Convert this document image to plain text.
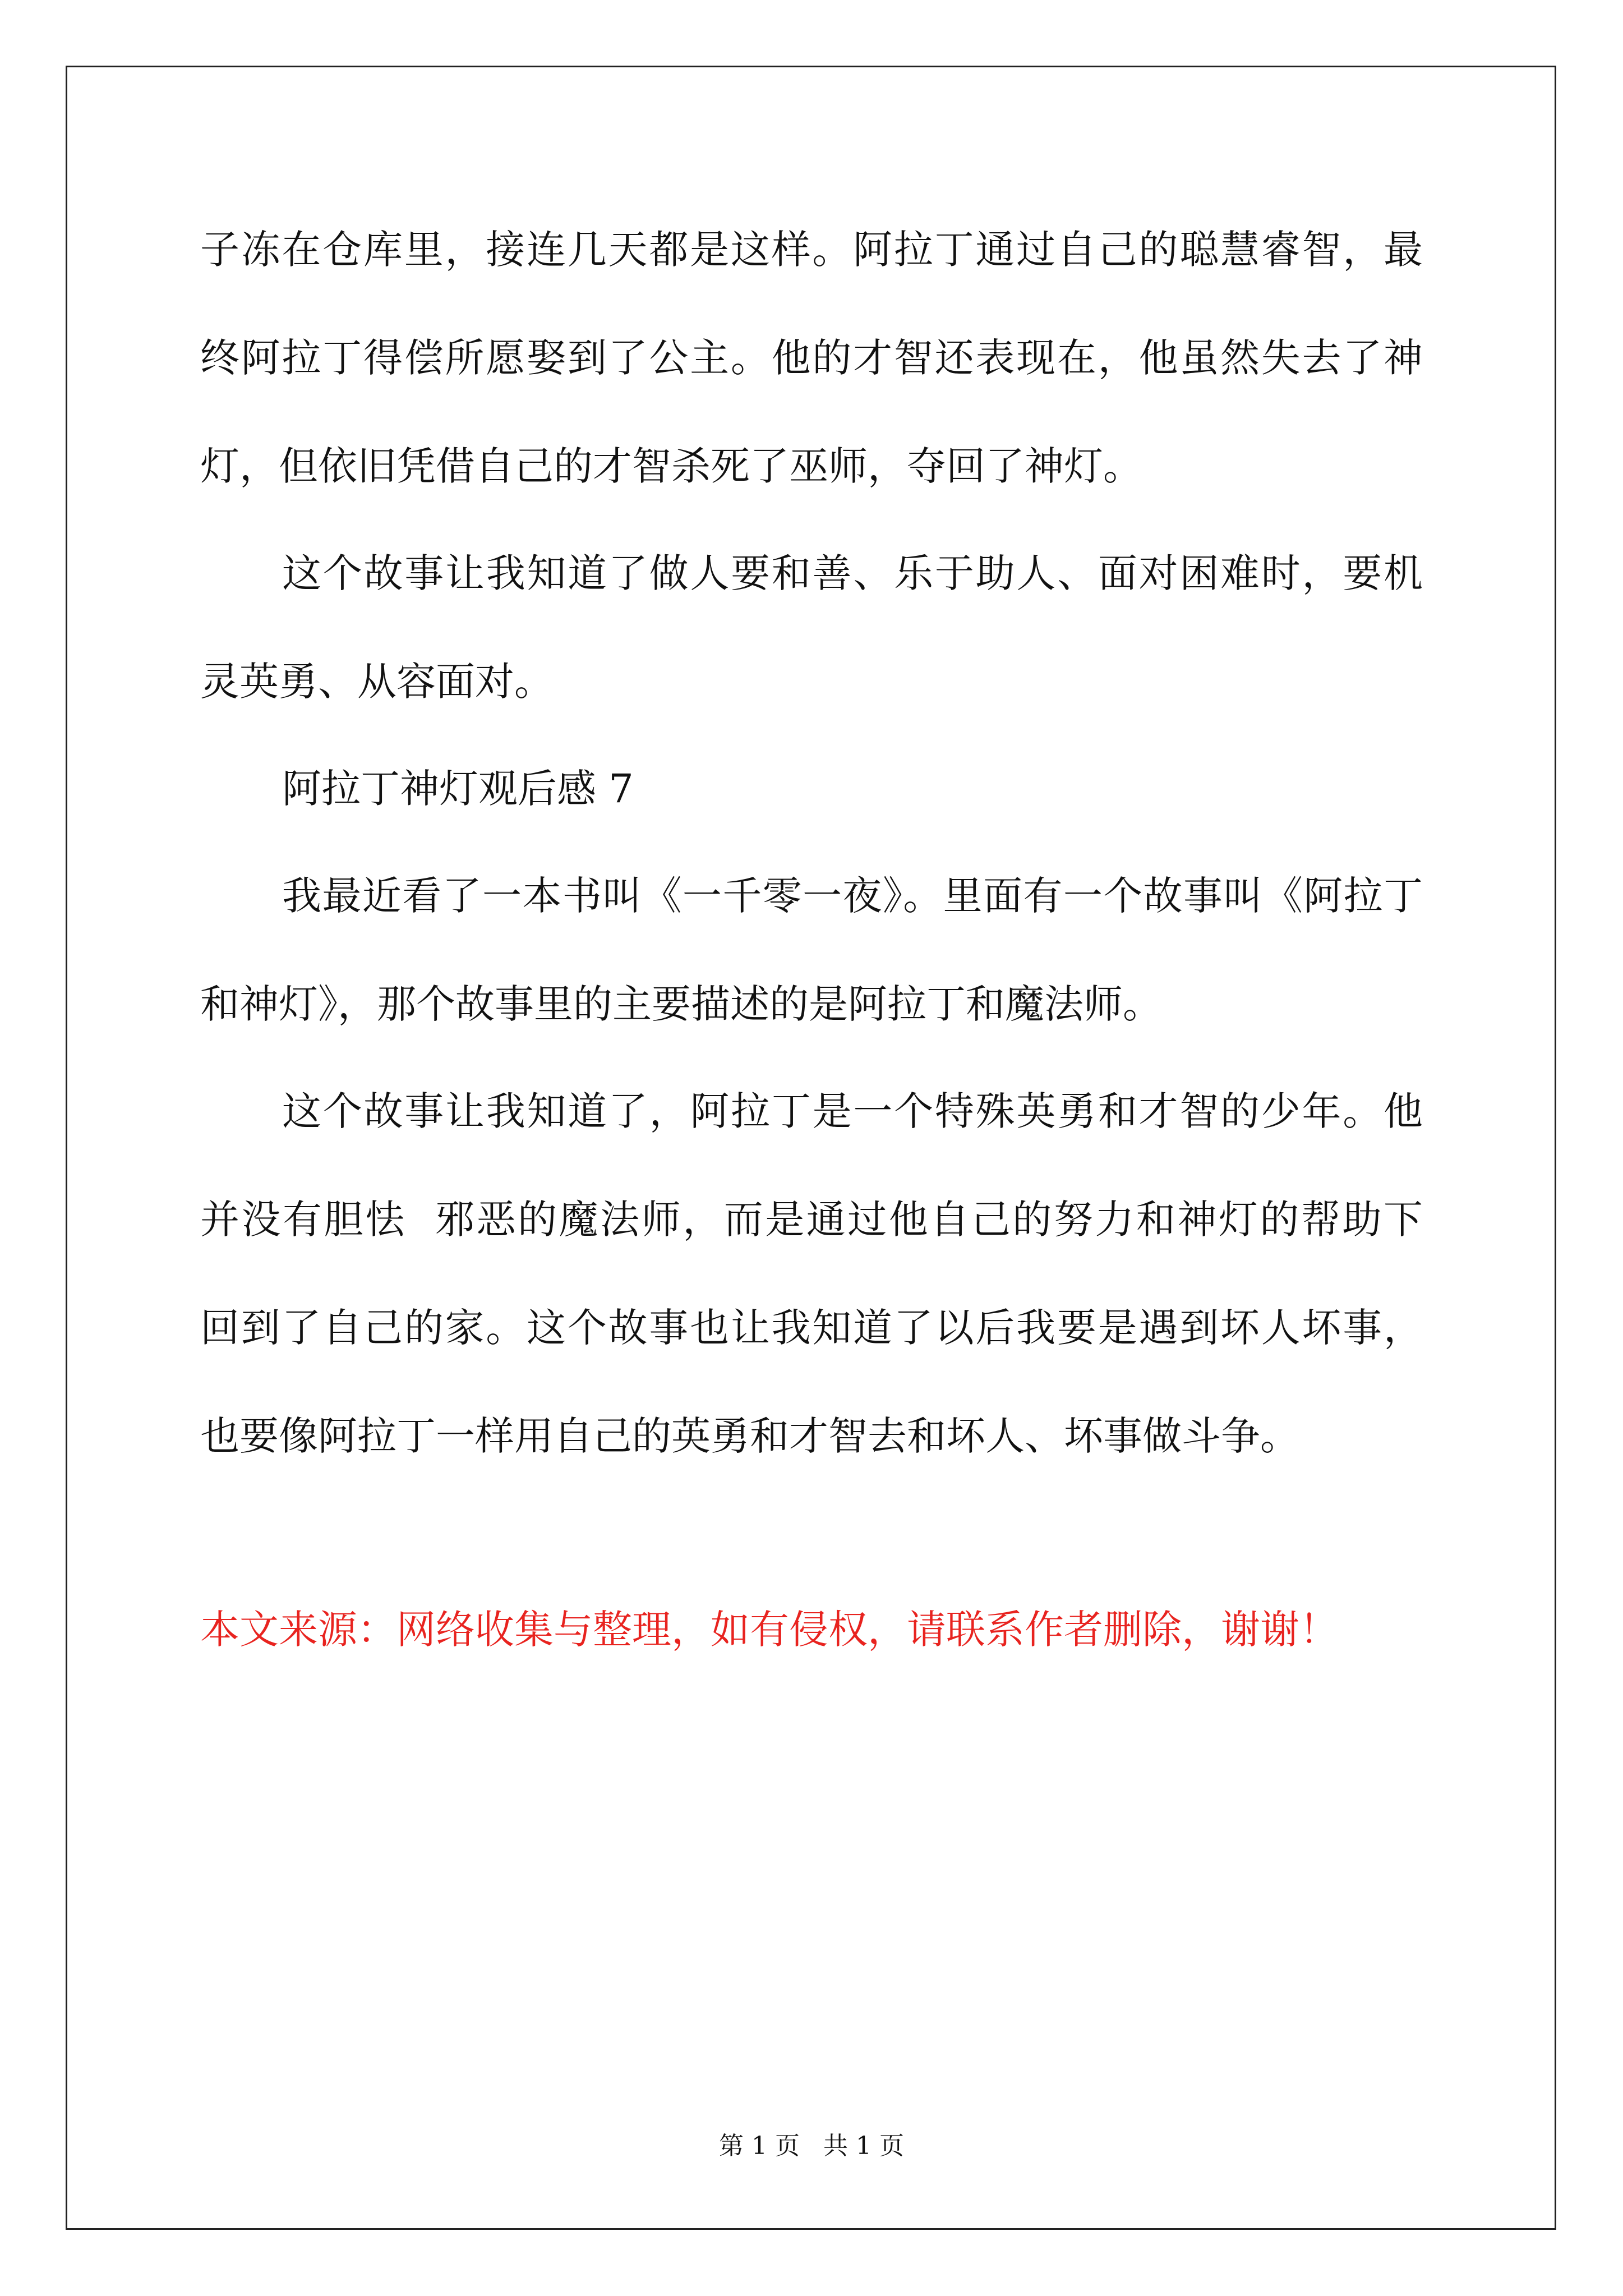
子冻在仓库里，接连几天都是这样。阿拉丁通过自己的聪慧睿智，最
终阿拉丁得偿所愿娶到了公主。他的才智还表现在，他虽然失去了神
灯，但依旧凭借自己的才智杀死了巫师，夺回了神灯。
这个故事让我知道了做人要和善、乐于助人、面对困难时，要机
灵英勇、从容面对。
阿拉丁神灯观后感 7
我最近看了一本书叫《一千零一夜》。里面有一个故事叫《阿拉丁
和神灯》，那个故事里的主要描述的是阿拉丁和魔法师。
这个故事让我知道了，阿拉丁是一个特殊英勇和才智的少年。他
并没有胆怯  邪恶的魔法师，而是通过他自己的努力和神灯的帮助下
回到了自己的家。这个故事也让我知道了以后我要是遇到坏人坏事，
也要像阿拉丁一样用自己的英勇和才智去和坏人、坏事做斗争。
本文来源：网络收集与整理，如有侵权，请联系作者删除，谢谢！
第 1 页   共 1 页
